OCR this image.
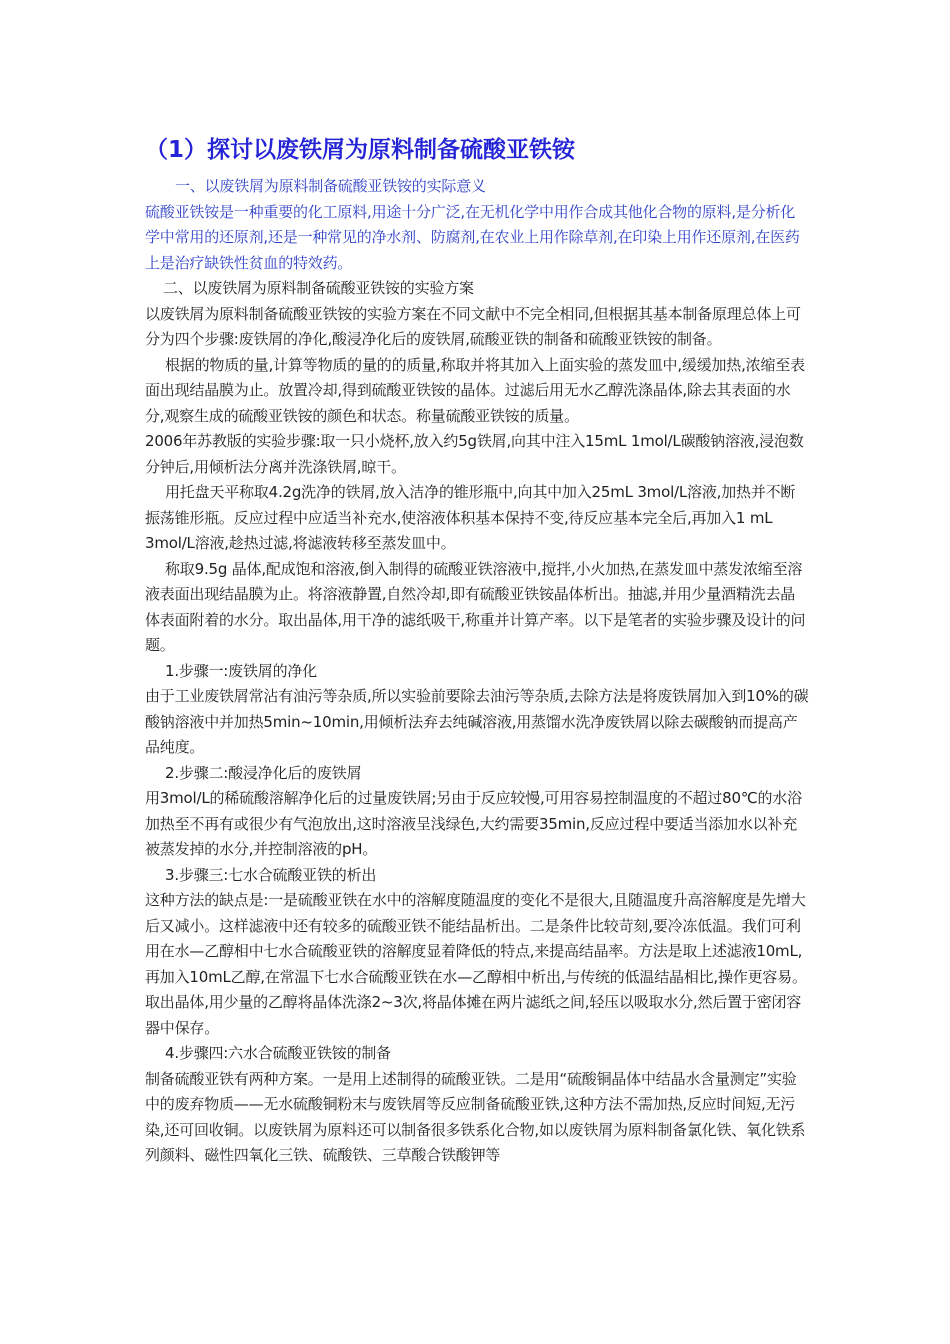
（1）探讨以废铁屑为原料制备硫酸亚铁铵

一、以废铁屑为原料制备硫酸亚铁铵的实际意义

硫酸亚铁铵是一种重要的化工原料,用途十分广泛,在无机化学中用作合成其他化合物的原料,是分析化学中常用的还原剂,还是一种常见的净水剂、防腐剂,在农业上用作除草剂,在印染上用作还原剂,在医药上是治疗缺铁性贫血的特效药。

二、以废铁屑为原料制备硫酸亚铁铵的实验方案

以废铁屑为原料制备硫酸亚铁铵的实验方案在不同文献中不完全相同,但根据其基本制备原理总体上可分为四个步骤:废铁屑的净化,酸浸净化后的废铁屑,硫酸亚铁的制备和硫酸亚铁铵的制备。

根据的物质的量,计算等物质的量的的质量,称取并将其加入上面实验的蒸发皿中,缓缓加热,浓缩至表面出现结晶膜为止。放置冷却,得到硫酸亚铁铵的晶体。过滤后用无水乙醇洗涤晶体,除去其表面的水分,观察生成的硫酸亚铁铵的颜色和状态。称量硫酸亚铁铵的质量。

2006年苏教版的实验步骤:取一只小烧杯,放入约5g铁屑,向其中注入15mL 1mol/L碳酸钠溶液,浸泡数分钟后,用倾析法分离并洗涤铁屑,晾干。

用托盘天平称取4.2g洗净的铁屑,放入洁净的锥形瓶中,向其中加入25mL 3mol/L溶液,加热并不断振荡锥形瓶。反应过程中应适当补充水,使溶液体积基本保持不变,待反应基本完全后,再加入1 mL 3mol/L溶液,趁热过滤,将滤液转移至蒸发皿中。

称取9.5g 晶体,配成饱和溶液,倒入制得的硫酸亚铁溶液中,搅拌,小火加热,在蒸发皿中蒸发浓缩至溶液表面出现结晶膜为止。将溶液静置,自然冷却,即有硫酸亚铁铵晶体析出。抽滤,并用少量酒精洗去晶体表面附着的水分。取出晶体,用干净的滤纸吸干,称重并计算产率。以下是笔者的实验步骤及设计的问题。

1.步骤一:废铁屑的净化

由于工业废铁屑常沾有油污等杂质,所以实验前要除去油污等杂质,去除方法是将废铁屑加入到10%的碳酸钠溶液中并加热5min~10min,用倾析法弃去纯碱溶液,用蒸馏水洗净废铁屑以除去碳酸钠而提高产品纯度。

2.步骤二:酸浸净化后的废铁屑

用3mol/L的稀硫酸溶解净化后的过量废铁屑;另由于反应较慢,可用容易控制温度的不超过80℃的水浴加热至不再有或很少有气泡放出,这时溶液呈浅绿色,大约需要35min,反应过程中要适当添加水以补充被蒸发掉的水分,并控制溶液的pH。

3.步骤三:七水合硫酸亚铁的析出

这种方法的缺点是:一是硫酸亚铁在水中的溶解度随温度的变化不是很大,且随温度升高溶解度是先增大后又减小。这样滤液中还有较多的硫酸亚铁不能结晶析出。二是条件比较苛刻,要冷冻低温。我们可利用在水—乙醇相中七水合硫酸亚铁的溶解度显着降低的特点,来提高结晶率。方法是取上述滤液10mL,再加入10mL乙醇,在常温下七水合硫酸亚铁在水—乙醇相中析出,与传统的低温结晶相比,操作更容易。取出晶体,用少量的乙醇将晶体洗涤2~3次,将晶体摊在两片滤纸之间,轻压以吸取水分,然后置于密闭容器中保存。

4.步骤四:六水合硫酸亚铁铵的制备

制备硫酸亚铁有两种方案。一是用上述制得的硫酸亚铁。二是用“硫酸铜晶体中结晶水含量测定”实验中的废弃物质——无水硫酸铜粉末与废铁屑等反应制备硫酸亚铁,这种方法不需加热,反应时间短,无污染,还可回收铜。以废铁屑为原料还可以制备很多铁系化合物,如以废铁屑为原料制备氯化铁、氧化铁系列颜料、磁性四氧化三铁、硫酸铁、三草酸合铁酸钾等
